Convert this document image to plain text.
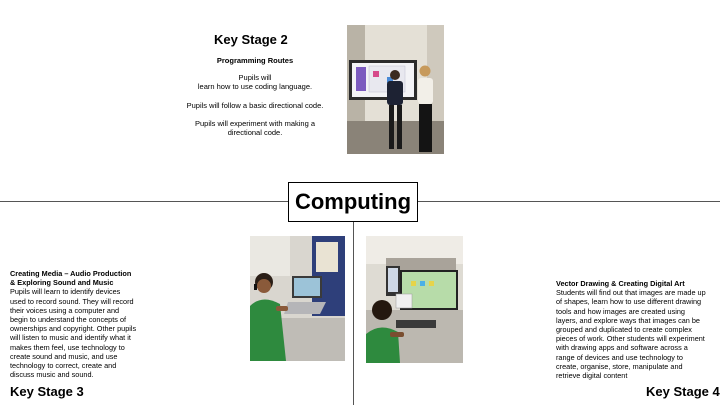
Key Stage 2
Programming Routes
Pupils will
learn how to use coding language.
Pupils will follow a basic directional code.
Pupils will experiment with making a
directional code.
Computing
Creating Media – Audio Production
& Exploring Sound and Music
Pupils will learn to identify devices
used to record sound. They will record
their voices using a computer and
begin to understand the concepts of
ownerships and copyright. Other pupils
will listen to music and identify what it
makes them feel, use technology to
create sound and music, and use
technology to correct, create and
discuss music and sound.
Key Stage 3
Vector Drawing & Creating Digital Art
Students will find out that images are made up
of shapes, learn how to use different drawing
tools and how images are created using
layers, and explore ways that images can be
grouped and duplicated to create complex
pieces of work. Other students will experiment
with drawing apps and software across a
range of devices and use technology to
create, organise, store, manipulate and
retrieve digital content
Key Stage 4
